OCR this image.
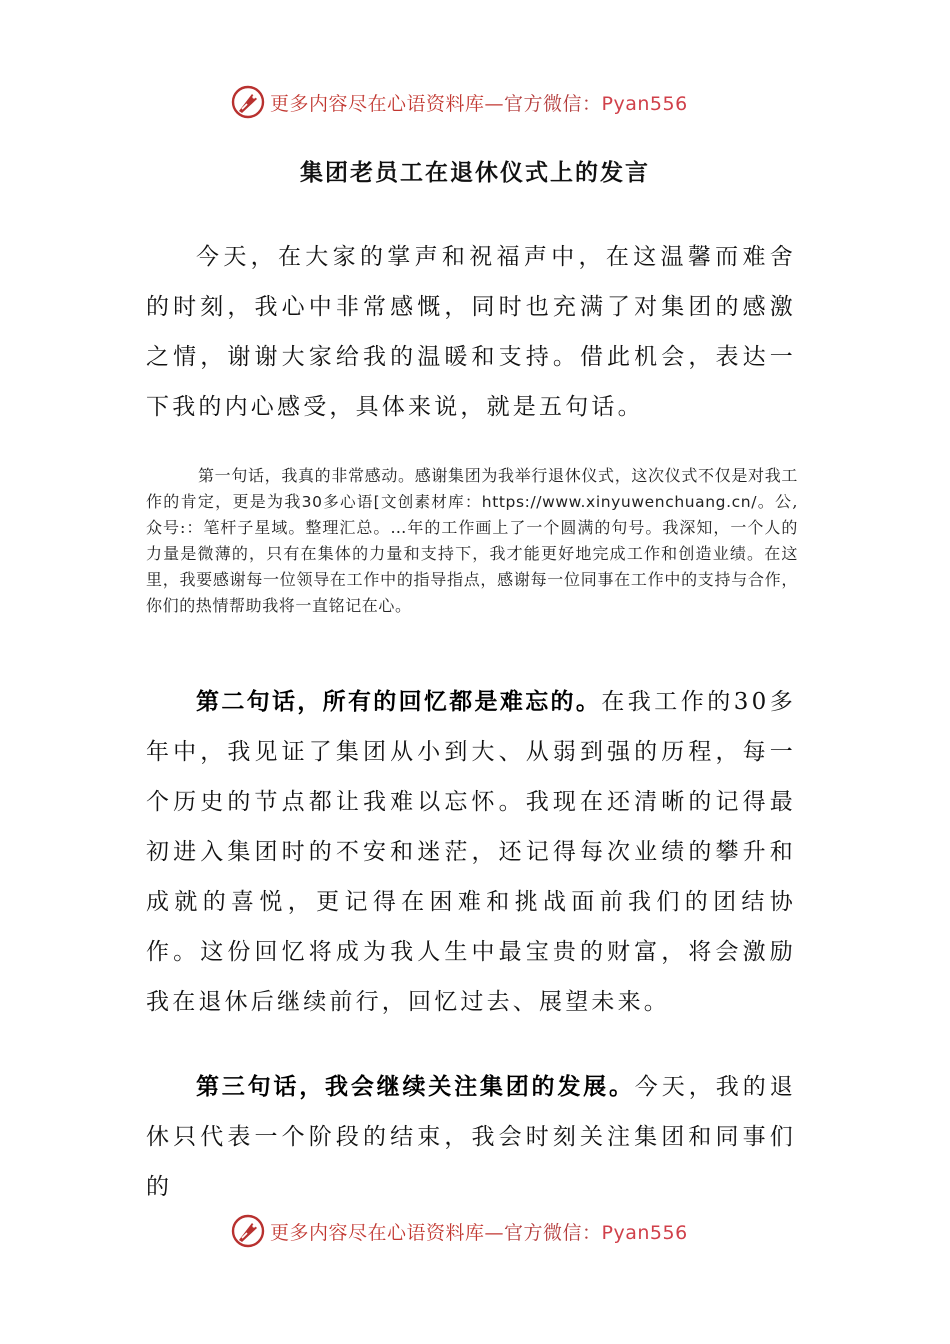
更多内容尽在心语资料库—官方微信：Pyan556
集团老员工在退休仪式上的发言

今天，在大家的掌声和祝福声中，在这温馨而难舍的时刻，我心中非常感慨，同时也充满了对集团的感激之情，谢谢大家给我的温暖和支持。借此机会，表达一下我的内心感受，具体来说，就是五句话。

第一句话，我真的非常感动。感谢集团为我举行退休仪式，这次仪式不仅是对我工作的肯定，更是为我30多心语[文创素材库：https://www.xinyuwenchuang.cn/。公,众号:：笔杆子星域。整理汇总。…年的工作画上了一个圆满的句号。我深知，一个人的力量是微薄的，只有在集体的力量和支持下，我才能更好地完成工作和创造业绩。在这里，我要感谢每一位领导在工作中的指导指点，感谢每一位同事在工作中的支持与合作，你们的热情帮助我将一直铭记在心。

第二句话，所有的回忆都是难忘的。在我工作的30多年中，我见证了集团从小到大、从弱到强的历程，每一个历史的节点都让我难以忘怀。我现在还清晰的记得最初进入集团时的不安和迷茫，还记得每次业绩的攀升和成就的喜悦，更记得在困难和挑战面前我们的团结协作。这份回忆将成为我人生中最宝贵的财富，将会激励我在退休后继续前行，回忆过去、展望未来。

第三句话，我会继续关注集团的发展。今天，我的退休只代表一个阶段的结束，我会时刻关注集团和同事们的

更多内容尽在心语资料库—官方微信：Pyan556
